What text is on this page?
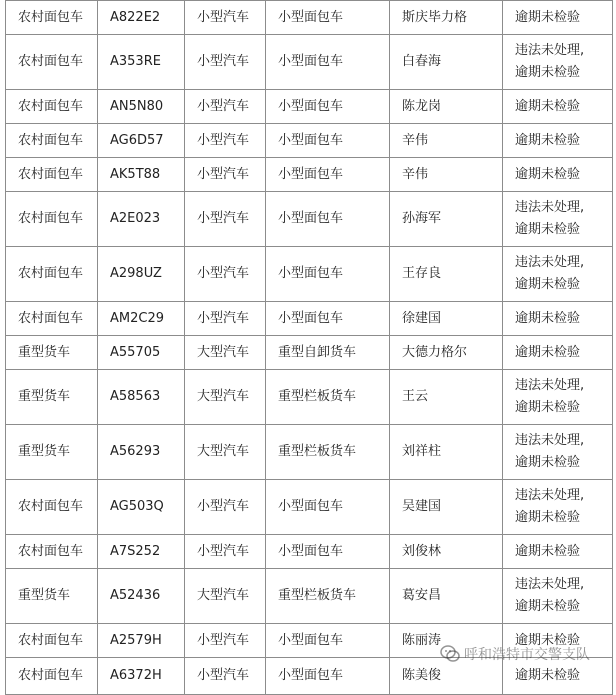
农村面包车	A822E2	小型汽车	小型面包车	斯庆毕力格	逾期未检验

农村面包车	A353RE	小型汽车	小型面包车	白春海	违法未处理,
逾期未检验

农村面包车	AN5N80	小型汽车	小型面包车	陈龙岗	逾期未检验

农村面包车	AG6D57	小型汽车	小型面包车	辛伟	逾期未检验

农村面包车	AK5T88	小型汽车	小型面包车	辛伟	逾期未检验

农村面包车	A2E023	小型汽车	小型面包车	孙海军	违法未处理,
逾期未检验

农村面包车	A298UZ	小型汽车	小型面包车	王存良	违法未处理,
逾期未检验

农村面包车	AM2C29	小型汽车	小型面包车	徐建国	逾期未检验

重型货车	A55705	大型汽车	重型自卸货车	大德力格尔	逾期未检验

重型货车	A58563	大型汽车	重型栏板货车	王云	违法未处理,
逾期未检验

重型货车	A56293	大型汽车	重型栏板货车	刘祥柱	违法未处理,
逾期未检验

农村面包车	AG503Q	小型汽车	小型面包车	吴建国	违法未处理,
逾期未检验

农村面包车	A7S252	小型汽车	小型面包车	刘俊林	逾期未检验

重型货车	A52436	大型汽车	重型栏板货车	葛安昌	违法未处理,
逾期未检验

农村面包车	A2579H	小型汽车	小型面包车	陈丽涛	逾期未检验

农村面包车	A6372H	小型汽车	小型面包车	陈美俊	逾期未检验
呼和浩特市交警支队
